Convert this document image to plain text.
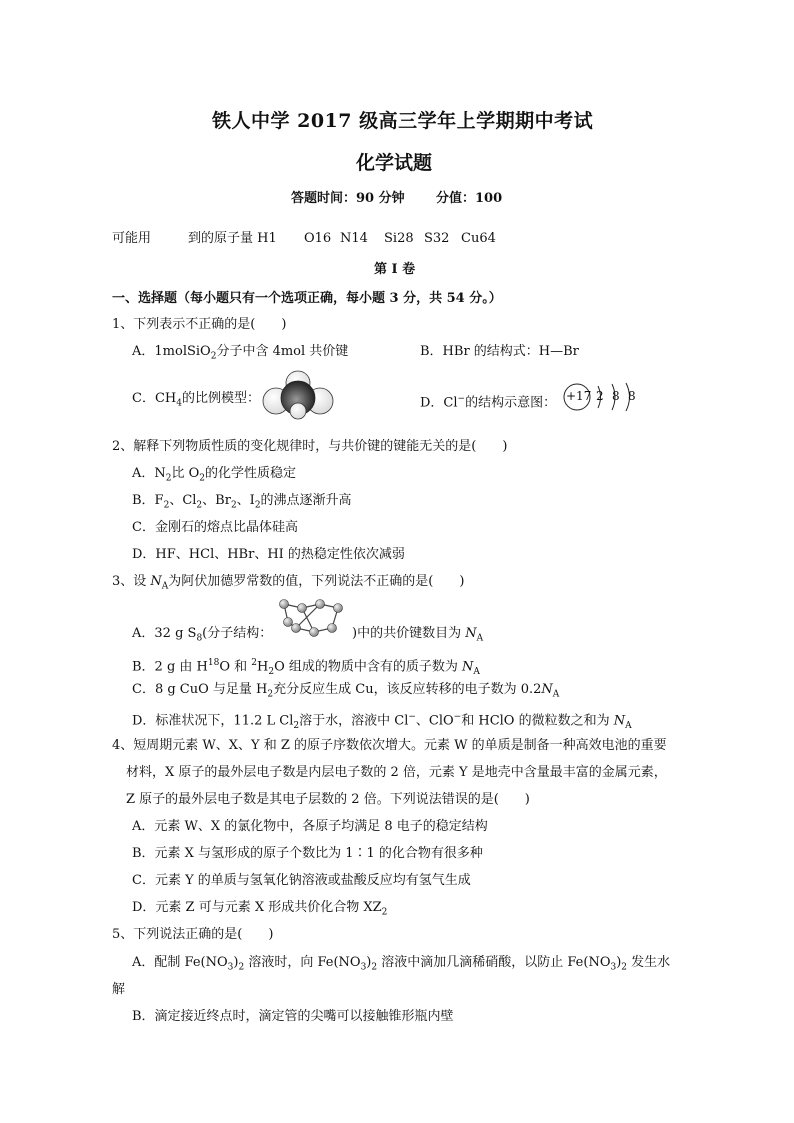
铁人中学 2017 级高三学年上学期期中考试
化学试题
答题时间：90 分钟 分值：100
可能用	到的原子量 H1 O16 N14 Si28 S32 Cu64
第 Ⅰ 卷
一、选择题（每小题只有一个选项正确，每小题 3 分，共 54 分。）
1、下列表示不正确的是(　　)
A．1molSiO$_2$分子中含 4mol 共价键	B．HBr 的结构式：H—Br
C．$CH_4$的比例模型：	D．Cl−的结构示意图： +17 2 8 8
2、解释下列物质性质的变化规律时，与共价键的键能无关的是(　　)
A．$N_2$比 $O_2$的化学性质稳定
B．$F_2$、$Cl_2$、$Br_2$、$I_2$的沸点逐渐升高
C．金刚石的熔点比晶体硅高
D．HF、HCl、HBr、HI 的热稳定性依次减弱
3、设 $N_A$为阿伏加德罗常数的值，下列说法不正确的是(　　)
A．32 g $S_8$(分子结构：	)中的共价键数目为 $N_A$
B．2 g 由 $H^{18}O$ 和 $^2H_2O$ 组成的物质中含有的质子数为 $N_A$
C．8 g CuO 与足量 $H_2$充分反应生成 Cu，该反应转移的电子数为 $0.2N_A$
D．标准状况下，11.2 L $Cl_2$溶于水，溶液中 Cl−、ClO−和 HClO 的微粒数之和为 $N_A$
4、短周期元素 W、X、Y 和 Z 的原子序数依次增大。元素 W 的单质是制备一种高效电池的重要
材料，X 原子的最外层电子数是内层电子数的 2 倍，元素 Y 是地壳中含量最丰富的金属元素，
Z 原子的最外层电子数是其电子层数的 2 倍。下列说法错误的是(　　)
A．元素 W、X 的氯化物中，各原子均满足 8 电子的稳定结构
B．元素 X 与氢形成的原子个数比为 1∶1 的化合物有很多种
C．元素 Y 的单质与氢氧化钠溶液或盐酸反应均有氢气生成
D．元素 Z 可与元素 X 形成共价化合物 $XZ_2$
5、下列说法正确的是(　　)
A．配制 $Fe(NO_3)_2$ 溶液时，向 $Fe(NO_3)_2$ 溶液中滴加几滴稀硝酸，以防止 $Fe(NO_3)_2$ 发生水
解
B．滴定接近终点时，滴定管的尖嘴可以接触锥形瓶内壁
